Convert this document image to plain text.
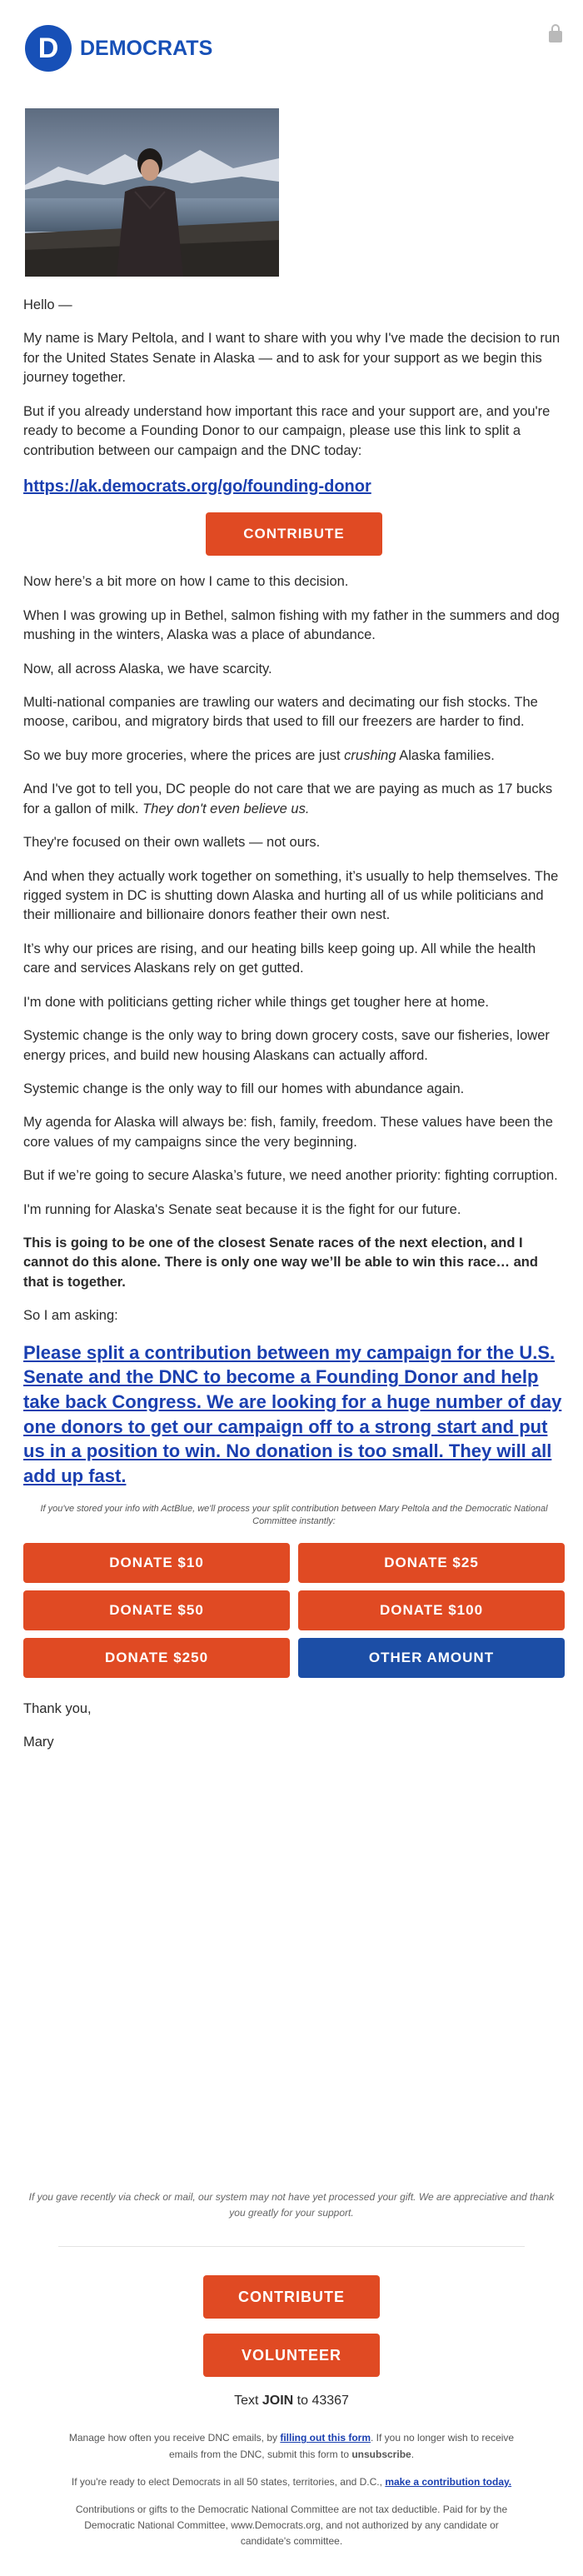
D DEMOCRATS

Hello —

My name is Mary Peltola, and I want to share with you why I've made the decision to run for the United States Senate in Alaska — and to ask for your support as we begin this journey together.

But if you already understand how important this race and your support are, and you're ready to become a Founding Donor to our campaign, please use this link to split a contribution between our campaign and the DNC today:

https://ak.democrats.org/go/founding-donor
CONTRIBUTE

Now here’s a bit more on how I came to this decision.

When I was growing up in Bethel, salmon fishing with my father in the summers and dog mushing in the winters, Alaska was a place of abundance.

Now, all across Alaska, we have scarcity.

Multi-national companies are trawling our waters and decimating our fish stocks. The moose, caribou, and migratory birds that used to fill our freezers are harder to find.

So we buy more groceries, where the prices are just crushing Alaska families.

And I've got to tell you, DC people do not care that we are paying as much as 17 bucks for a gallon of milk. They don't even believe us.

They're focused on their own wallets — not ours.

And when they actually work together on something, it’s usually to help themselves. The rigged system in DC is shutting down Alaska and hurting all of us while politicians and their millionaire and billionaire donors feather their own nest.

It’s why our prices are rising, and our heating bills keep going up. All while the health care and services Alaskans rely on get gutted.

I'm done with politicians getting richer while things get tougher here at home.

Systemic change is the only way to bring down grocery costs, save our fisheries, lower energy prices, and build new housing Alaskans can actually afford.

Systemic change is the only way to fill our homes with abundance again.

My agenda for Alaska will always be: fish, family, freedom. These values have been the core values of my campaigns since the very beginning.

But if we’re going to secure Alaska’s future, we need another priority: fighting corruption.

I'm running for Alaska's Senate seat because it is the fight for our future.

This is going to be one of the closest Senate races of the next election, and I cannot do this alone. There is only one way we’ll be able to win this race… and that is together.

So I am asking:

Please split a contribution between my campaign for the U.S. Senate and the DNC to become a Founding Donor and help take back Congress. We are looking for a huge number of day one donors to get our campaign off to a strong start and put us in a position to win. No donation is too small. They will all add up fast.

If you've stored your info with ActBlue, we'll process your split contribution between Mary Peltola and the Democratic National Committee instantly:

DONATE $10	DONATE $25
DONATE $50	DONATE $100
DONATE $250	OTHER AMOUNT

Thank you,

Mary

If you gave recently via check or mail, our system may not have yet processed your gift. We are appreciative and thank you greatly for your support.
CONTRIBUTE
VOLUNTEER
Text JOIN to 43367
Manage how often you receive DNC emails, by filling out this form. If you no longer wish to receive emails from the DNC, submit this form to unsubscribe.
If you're ready to elect Democrats in all 50 states, territories, and D.C., make a contribution today.
Contributions or gifts to the Democratic National Committee are not tax deductible. Paid for by the Democratic National Committee, www.Democrats.org, and not authorized by any candidate or candidate's committee.
